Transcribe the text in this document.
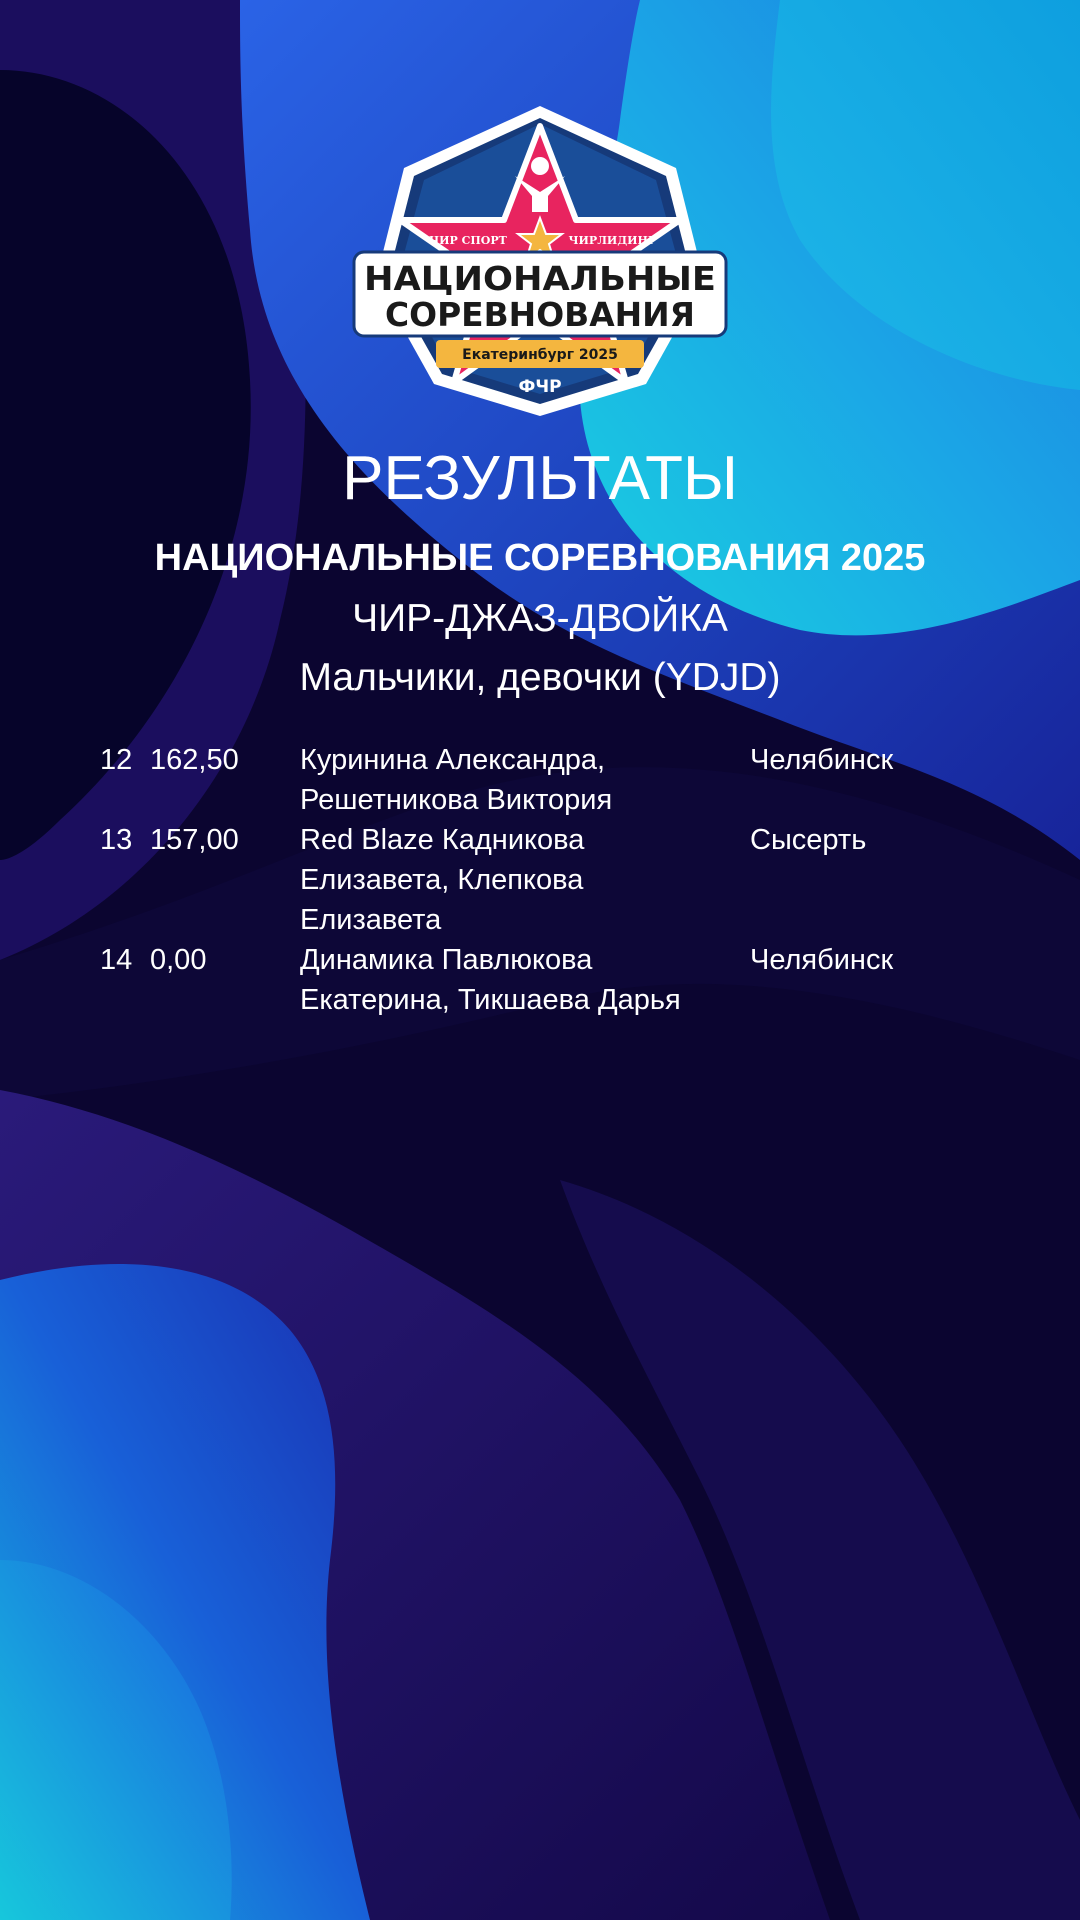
ЧИР СПОРТ	ЧИРЛИДИНГ
НАЦИОНАЛЬНЫЕ
СОРЕВНОВАНИЯ
Екатеринбург 2025
ФЧР
РЕЗУЛЬТАТЫ
НАЦИОНАЛЬНЫЕ СОРЕВНОВАНИЯ 2025
ЧИР-ДЖАЗ-ДВОЙКА
Мальчики, девочки (YDJD)
12 162,50 Куринина Александра, Решетникова Виктория
Челябинск
13 157,00 Red Blaze Кадникова Елизавета, Клепкова Елизавета
Сысерть
14 0,00	Динамика Павлюкова Екатерина, Тикшаева Дарья
Челябинск
